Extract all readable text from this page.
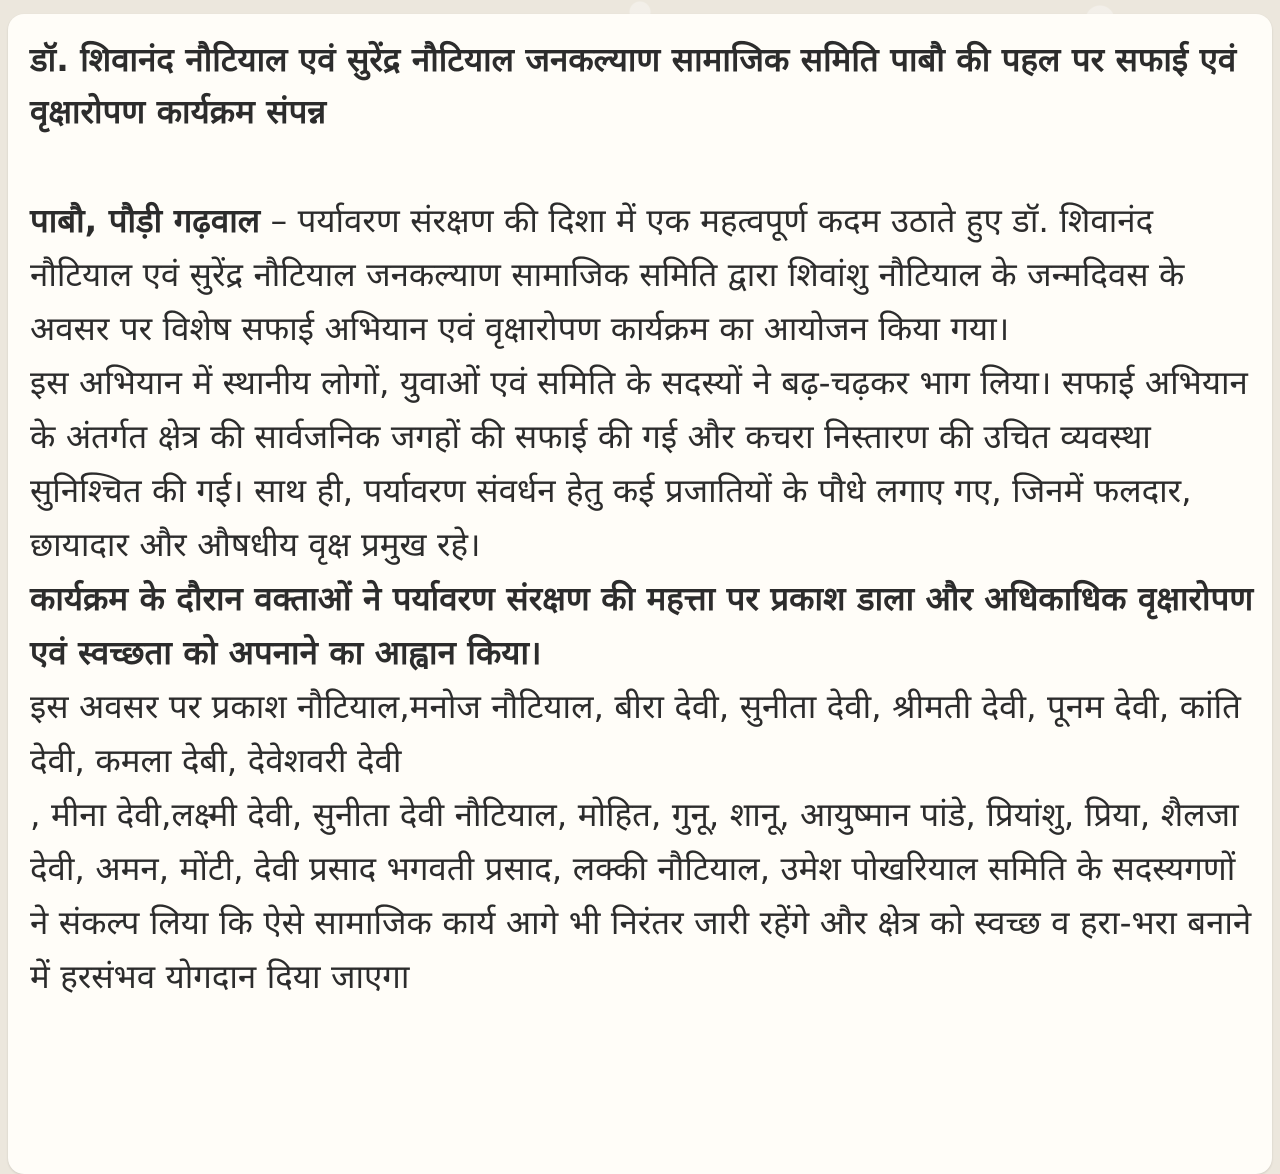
डॉ. शिवानंद नौटियाल एवं सुरेंद्र नौटियाल जनकल्याण सामाजिक समिति पाबौ की पहल पर सफाई एवं वृक्षारोपण कार्यक्रम संपन्न

पाबौ, पौड़ी गढ़वाल – पर्यावरण संरक्षण की दिशा में एक महत्वपूर्ण कदम उठाते हुए डॉ. शिवानंद नौटियाल एवं सुरेंद्र नौटियाल जनकल्याण सामाजिक समिति द्वारा शिवांशु नौटियाल के जन्मदिवस के अवसर पर विशेष सफाई अभियान एवं वृक्षारोपण कार्यक्रम का आयोजन किया गया।

इस अभियान में स्थानीय लोगों, युवाओं एवं समिति के सदस्यों ने बढ़-चढ़कर भाग लिया। सफाई अभियान के अंतर्गत क्षेत्र की सार्वजनिक जगहों की सफाई की गई और कचरा निस्तारण की उचित व्यवस्था सुनिश्चित की गई। साथ ही, पर्यावरण संवर्धन हेतु कई प्रजातियों के पौधे लगाए गए, जिनमें फलदार, छायादार और औषधीय वृक्ष प्रमुख रहे।

कार्यक्रम के दौरान वक्ताओं ने पर्यावरण संरक्षण की महत्ता पर प्रकाश डाला और अधिकाधिक वृक्षारोपण एवं स्वच्छता को अपनाने का आह्वान किया।

इस अवसर पर प्रकाश नौटियाल,मनोज नौटियाल, बीरा देवी, सुनीता देवी, श्रीमती देवी, पूनम देवी, कांति देवी, कमला देबी, देवेशवरी देवी

, मीना देवी,लक्ष्मी देवी, सुनीता देवी नौटियाल, मोहित, गुनू, शानू, आयुष्मान पांडे, प्रियांशु, प्रिया, शैलजा देवी, अमन, मोंटी, देवी प्रसाद भगवती प्रसाद, लक्की नौटियाल, उमेश पोखरियाल समिति के सदस्यगणों ने संकल्प लिया कि ऐसे सामाजिक कार्य आगे भी निरंतर जारी रहेंगे और क्षेत्र को स्वच्छ व हरा-भरा बनाने में हरसंभव योगदान दिया जाएगा
